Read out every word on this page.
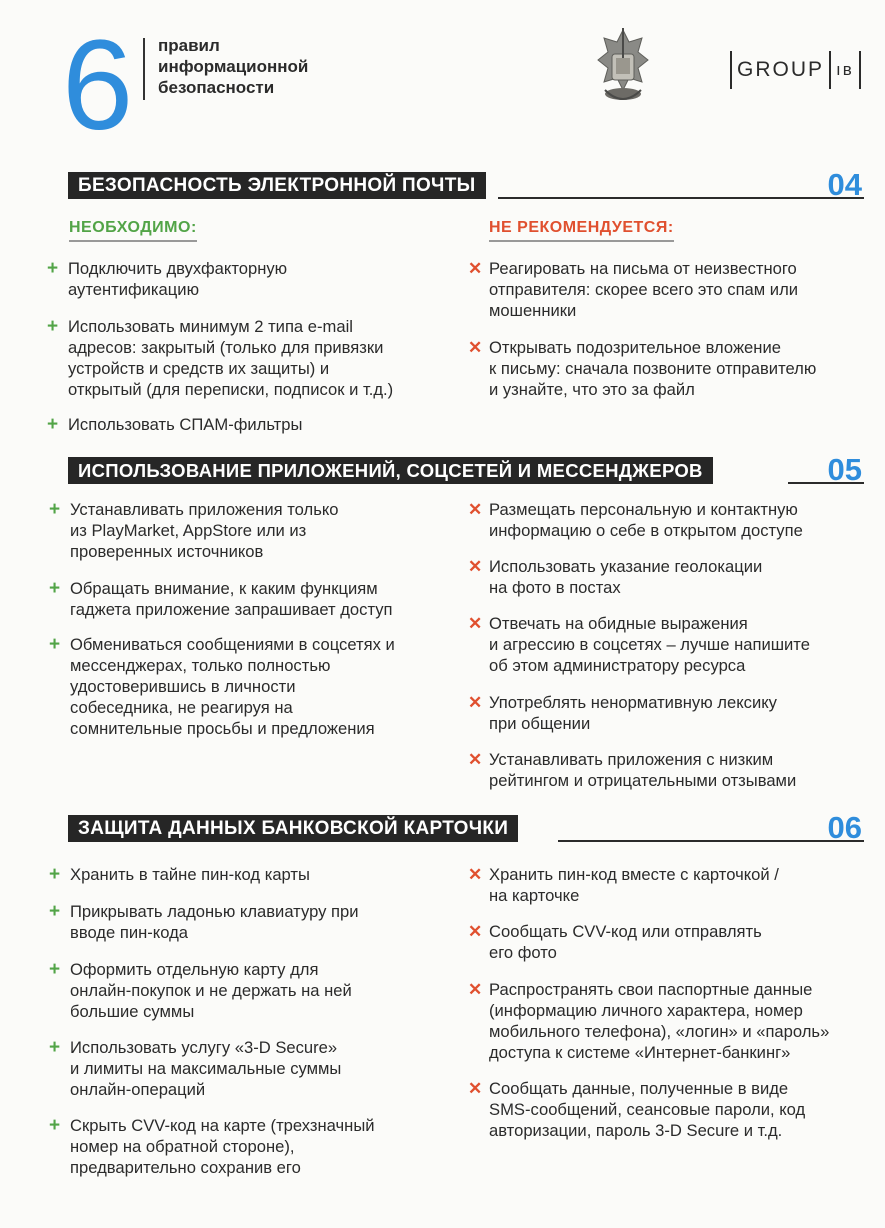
6 правил
информационной
безопасности
GROUP ıв
БЕЗОПАСНОСТЬ ЭЛЕКТРОННОЙ ПОЧТЫ	04
НЕОБХОДИМО:	НЕ РЕКОМЕНДУЕТСЯ:
+ Подключить двухфакторную
аутентификацию
+ Использовать минимум 2 типа e-mail
адресов: закрытый (только для привязки
устройств и средств их защиты) и
открытый (для переписки, подписок и т.д.)
+ Использовать СПАМ-фильтры
✕ Реагировать на письма от неизвестного
отправителя: скорее всего это спам или
мошенники
✕ Открывать подозрительное вложение
к письму: сначала позвоните отправителю
и узнайте, что это за файл
ИСПОЛЬЗОВАНИЕ ПРИЛОЖЕНИЙ, СОЦСЕТЕЙ И МЕССЕНДЖЕРОВ	05
+ Устанавливать приложения только
из PlayMarket, AppStore или из
проверенных источников
+ Обращать внимание, к каким функциям
гаджета приложение запрашивает доступ
+ Обмениваться сообщениями в соцсетях и
мессенджерах, только полностью
удостоверившись в личности
собеседника, не реагируя на
сомнительные просьбы и предложения
✕ Размещать персональную и контактную
информацию о себе в открытом доступе
✕ Использовать указание геолокации
на фото в постах
✕ Отвечать на обидные выражения
и агрессию в соцсетях – лучше напишите
об этом администратору ресурса
✕ Употреблять ненормативную лексику
при общении
✕ Устанавливать приложения с низким
рейтингом и отрицательными отзывами
ЗАЩИТА ДАННЫХ БАНКОВСКОЙ КАРТОЧКИ	06
+ Хранить в тайне пин-код карты
+ Прикрывать ладонью клавиатуру при
вводе пин-кода
+ Оформить отдельную карту для
онлайн-покупок и не держать на ней
большие суммы
+ Использовать услугу «3-D Secure»
и лимиты на максимальные суммы
онлайн-операций
+ Скрыть CVV-код на карте (трехзначный
номер на обратной стороне),
предварительно сохранив его
✕ Хранить пин-код вместе с карточкой /
на карточке
✕ Сообщать CVV-код или отправлять
его фото
✕ Распространять свои паспортные данные
(информацию личного характера, номер
мобильного телефона), «логин» и «пароль»
доступа к системе «Интернет-банкинг»
✕ Сообщать данные, полученные в виде
SMS-сообщений, сеансовые пароли, код
авторизации, пароль 3-D Secure и т.д.
